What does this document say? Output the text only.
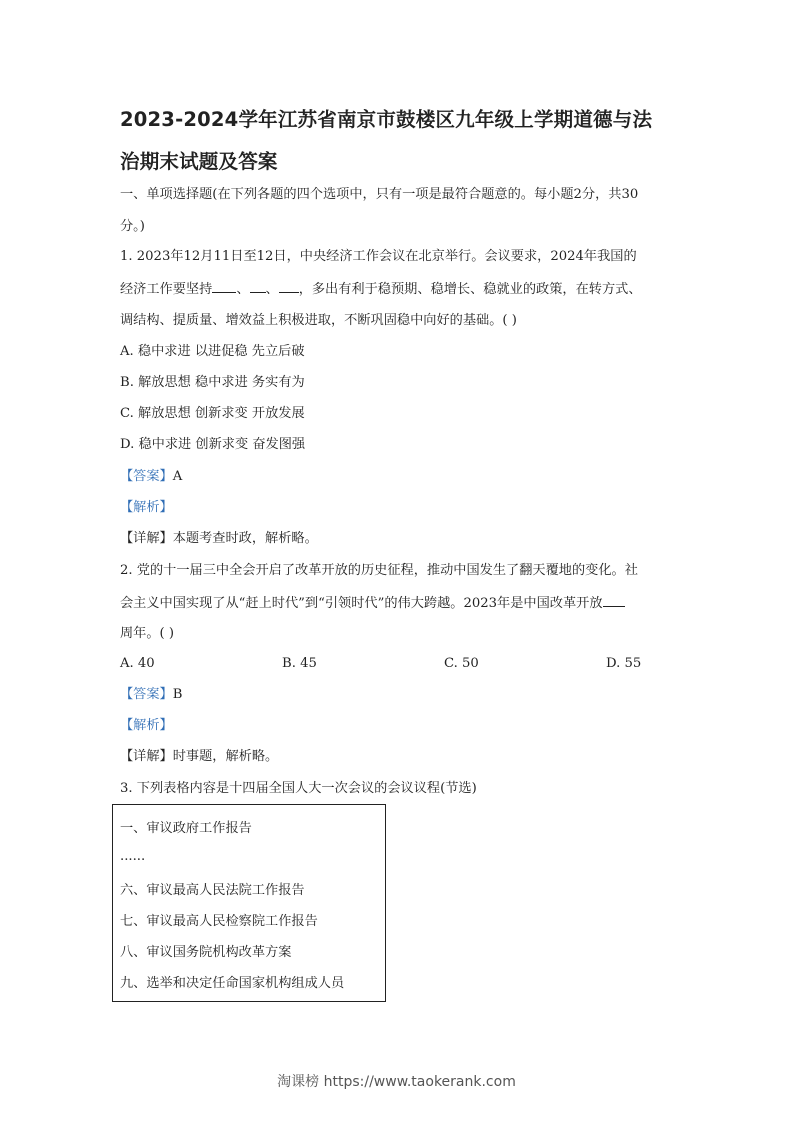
2023-2024学年江苏省南京市鼓楼区九年级上学期道德与法
治期末试题及答案
一、单项选择题(在下列各题的四个选项中，只有一项是最符合题意的。每小题2分，共30
分。)
1. 2023年12月11日至12日，中央经济工作会议在北京举行。会议要求，2024年我国的
经济工作要坚持 、 、 ，多出有利于稳预期、稳增长、稳就业的政策，在转方式、
调结构、提质量、增效益上积极进取，不断巩固稳中向好的基础。( )
A. 稳中求进 以进促稳 先立后破
B. 解放思想 稳中求进 务实有为
C. 解放思想 创新求变 开放发展
D. 稳中求进 创新求变 奋发图强
【答案】A
【解析】
【详解】本题考查时政，解析略。
2. 党的十一届三中全会开启了改革开放的历史征程，推动中国发生了翻天覆地的变化。社
会主义中国实现了从“赶上时代”到“引领时代”的伟大跨越。2023年是中国改革开放
周年。( )
A. 40	B. 45	C. 50	D. 55
【答案】B
【解析】
【详解】时事题，解析略。
3. 下列表格内容是十四届全国人大一次会议的会议议程(节选)
一、审议政府工作报告
......
六、审议最高人民法院工作报告
七、审议最高人民检察院工作报告
八、审议国务院机构改革方案
九、选举和决定任命国家机构组成人员
淘课榜 https://www.taokerank.com
